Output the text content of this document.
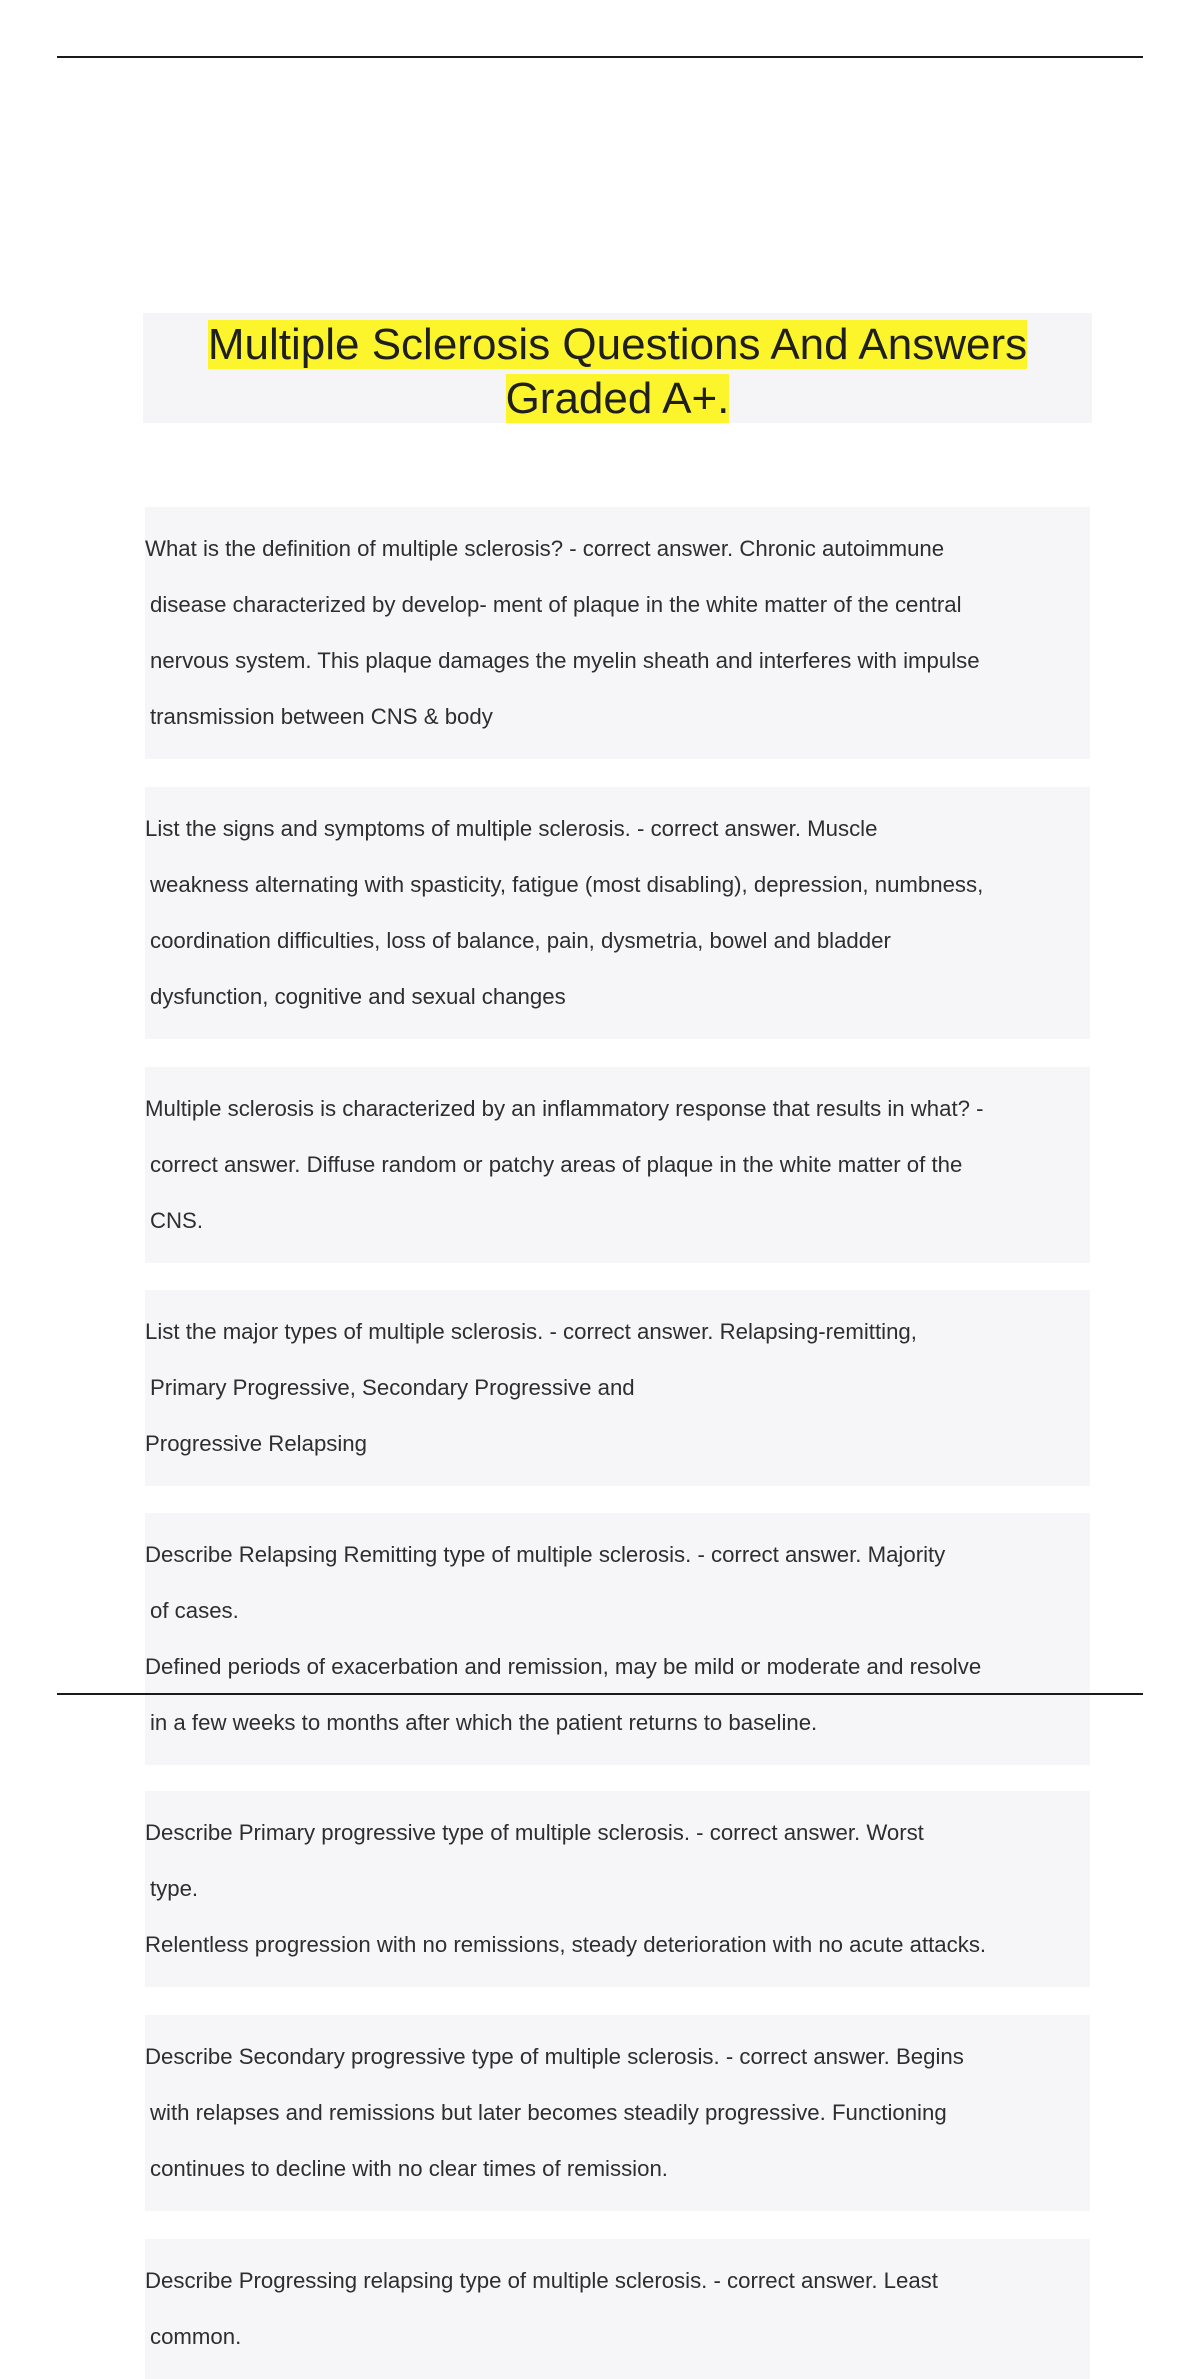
Multiple Sclerosis Questions And Answers
Graded A+.

What is the definition of multiple sclerosis? - correct answer. Chronic autoimmune

disease characterized by develop- ment of plaque in the white matter of the central

nervous system. This plaque damages the myelin sheath and interferes with impulse

transmission between CNS & body

List the signs and symptoms of multiple sclerosis. - correct answer. Muscle

weakness alternating with spasticity, fatigue (most disabling), depression, numbness,

coordination difficulties, loss of balance, pain, dysmetria, bowel and bladder

dysfunction, cognitive and sexual changes

Multiple sclerosis is characterized by an inflammatory response that results in what? -

correct answer. Diffuse random or patchy areas of plaque in the white matter of the

CNS.

List the major types of multiple sclerosis. - correct answer. Relapsing-remitting,

Primary Progressive, Secondary Progressive and

Progressive Relapsing

Describe Relapsing Remitting type of multiple sclerosis. - correct answer. Majority

of cases.

Defined periods of exacerbation and remission, may be mild or moderate and resolve

in a few weeks to months after which the patient returns to baseline.

Describe Primary progressive type of multiple sclerosis. - correct answer. Worst

type.

Relentless progression with no remissions, steady deterioration with no acute attacks.

Describe Secondary progressive type of multiple sclerosis. - correct answer. Begins

with relapses and remissions but later becomes steadily progressive. Functioning

continues to decline with no clear times of remission.

Describe Progressing relapsing type of multiple sclerosis. - correct answer. Least

common.
